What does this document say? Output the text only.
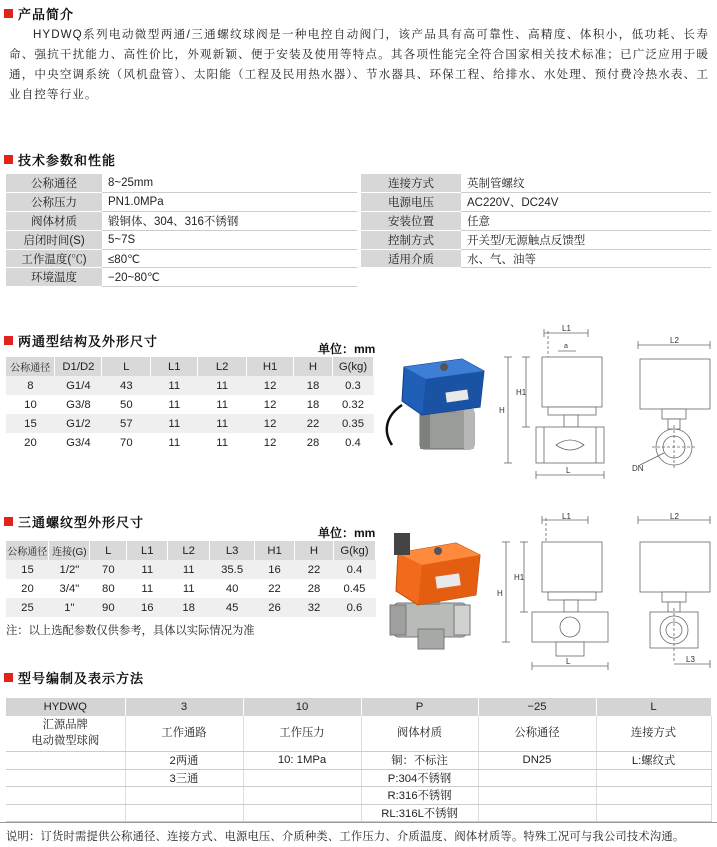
产品简介

HYDWQ系列电动微型两通/三通螺纹球阀是一种电控自动阀门，该产品具有高可靠性、高精度、体积小，低功耗、长寿命、强抗干扰能力、高性价比，外观新颖、便于安装及使用等特点。其各项性能完全符合国家相关技术标准；已广泛应用于暖通，中央空调系统（风机盘管）、太阳能（工程及民用热水器）、节水器具、环保工程、给排水、水处理、预付费冷热水表、工业自控等行业。

技术参数和性能
公称通径	8~25mm		连接方式	英制管螺纹
公称压力	PN1.0MPa		电源电压	AC220V、DC24V
阀体材质	锻铜体、304、316不锈钢		安装位置	任意
启闭时间(S)	5~7S		控制方式	开关型/无源触点反馈型
工作温度(℃)	≤80℃		适用介质	水、气、油等
环境温度	−20~80℃			
两通型结构及外形尺寸
单位：mm
公称通径	D1/D2	L	L1	L2	H1	H	G(kg)
8	G1/4	43	11	11	12	18	0.3
10	G3/8	50	11	11	12	18	0.32
15	G1/2	57	11	11	12	22	0.35
20	G3/4	70	11	11	12	28	0.4
L1
a
H
H1
L
L2
DN
三通螺纹型外形尺寸
单位：mm
公称通径	连接(G)	L	L1	L2	L3	H1	H	G(kg)
15	1/2"	70	11	11	35.5	16	22	0.4
20	3/4"	80	11	11	40	22	28	0.45
25	1"	90	16	18	45	26	32	0.6
注：以上选配参数仅供参考，具体以实际情况为准
L1
H
H1
L
L2
L3
型号编制及表示方法
HYDWQ	3	10	P	−25	L
汇源品牌
电动微型球阀	工作通路	工作压力	阀体材质	公称通径	连接方式
	2两通	10: 1MPa	铜：不标注	DN25	L:螺纹式
	3三通		P:304不锈钢		
			R:316不锈钢		
			RL:316L不锈钢		
说明：订货时需提供公称通径、连接方式、电源电压、介质种类、工作压力、介质温度、阀体材质等。特殊工况可与我公司技术沟通。
